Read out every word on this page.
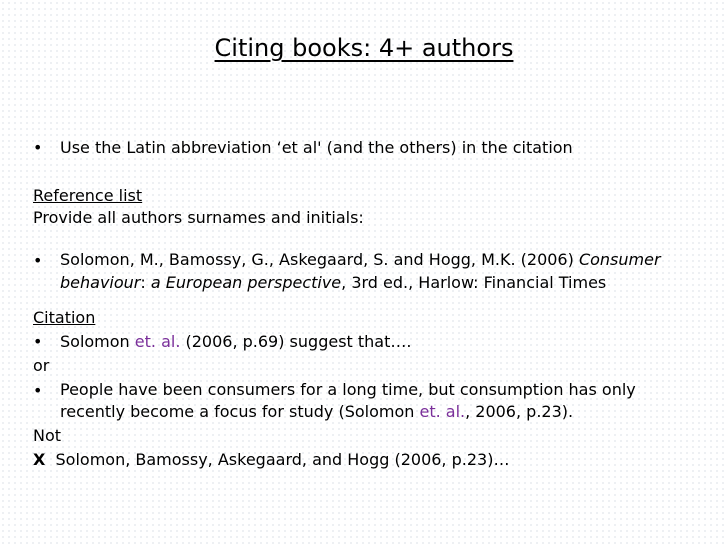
Citing books: 4+ authors
• Use the Latin abbreviation ‘et al' (and the others) in the citation
Reference list
Provide all authors surnames and initials:
• Solomon, M., Bamossy, G., Askegaard, S. and Hogg, M.K. (2006) Consumer
behaviour: a European perspective, 3rd ed., Harlow: Financial Times
Citation
• Solomon et. al. (2006, p.69) suggest that….
or
• People have been consumers for a long time, but consumption has only
recently become a focus for study (Solomon et. al., 2006, p.23).
Not
X Solomon, Bamossy, Askegaard, and Hogg (2006, p.23)…
